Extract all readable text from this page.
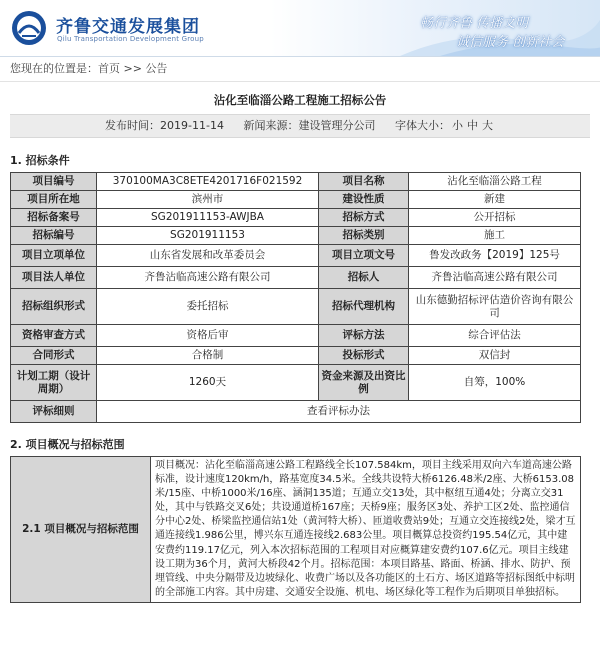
齐鲁交通发展集团
Qilu Transportation Development Group
畅行齐鲁 传播文明
诚信服务 创新社会
您现在的位置是：首页 >> 公告
沾化至临淄公路工程施工招标公告
发布时间：2019-11-14 新闻来源：建设管理分公司 字体大小： 小 中 大
1. 招标条件
项目编号	370100MA3C8ETE4201716F021592	项目名称	沾化至临淄公路工程
项目所在地	滨州市	建设性质	新建
招标备案号	SG201911153-AWJBA	招标方式	公开招标
招标编号	SG201911153	招标类别	施工
项目立项单位	山东省发展和改革委员会	项目立项文号	鲁发改政务【2019】125号
项目法人单位	齐鲁沾临高速公路有限公司	招标人	齐鲁沾临高速公路有限公司
招标组织形式	委托招标	招标代理机构	山东德勤招标评估造价咨询有限公司
资格审查方式	资格后审	评标方法	综合评估法
合同形式	合格制	投标形式	双信封
计划工期（设计周期）	1260天	资金来源及出资比例	自筹，100%
评标细则	查看评标办法		
2. 项目概况与招标范围
2.1 项目概况与招标范围	项目概况：沾化至临淄高速公路工程路线全长107.584km，项目主线采用双向六车道高速公路标准，设计速度120km/h，路基宽度34.5米。全线共设特大桥6126.48米/2座、大桥6153.08米/15座、中桥1000米/16座、涵洞135道；互通立交13处，其中枢纽互通4处；分离立交31处，其中与铁路交叉6处；共设通道桥167座；天桥9座；服务区3处、养护工区2处、监控通信分中心2处、桥梁监控通信站1处（黄河特大桥）、匝道收费站9处；互通立交连接线2处，梁才互通连接线1.986公里，博兴东互通连接线2.683公里。项目概算总投资约195.54亿元，其中建安费约119.17亿元，列入本次招标范围的工程项目对应概算建安费约107.6亿元。项目主线建设工期为36个月，黄河大桥段42个月。招标范围：本项目路基、路面、桥涵、排水、防护、预埋管线、中央分隔带及边坡绿化、收费广场以及各功能区的土石方、场区道路等招标图纸中标明的全部施工内容。其中房建、交通安全设施、机电、场区绿化等工程作为后期项目单独招标。
